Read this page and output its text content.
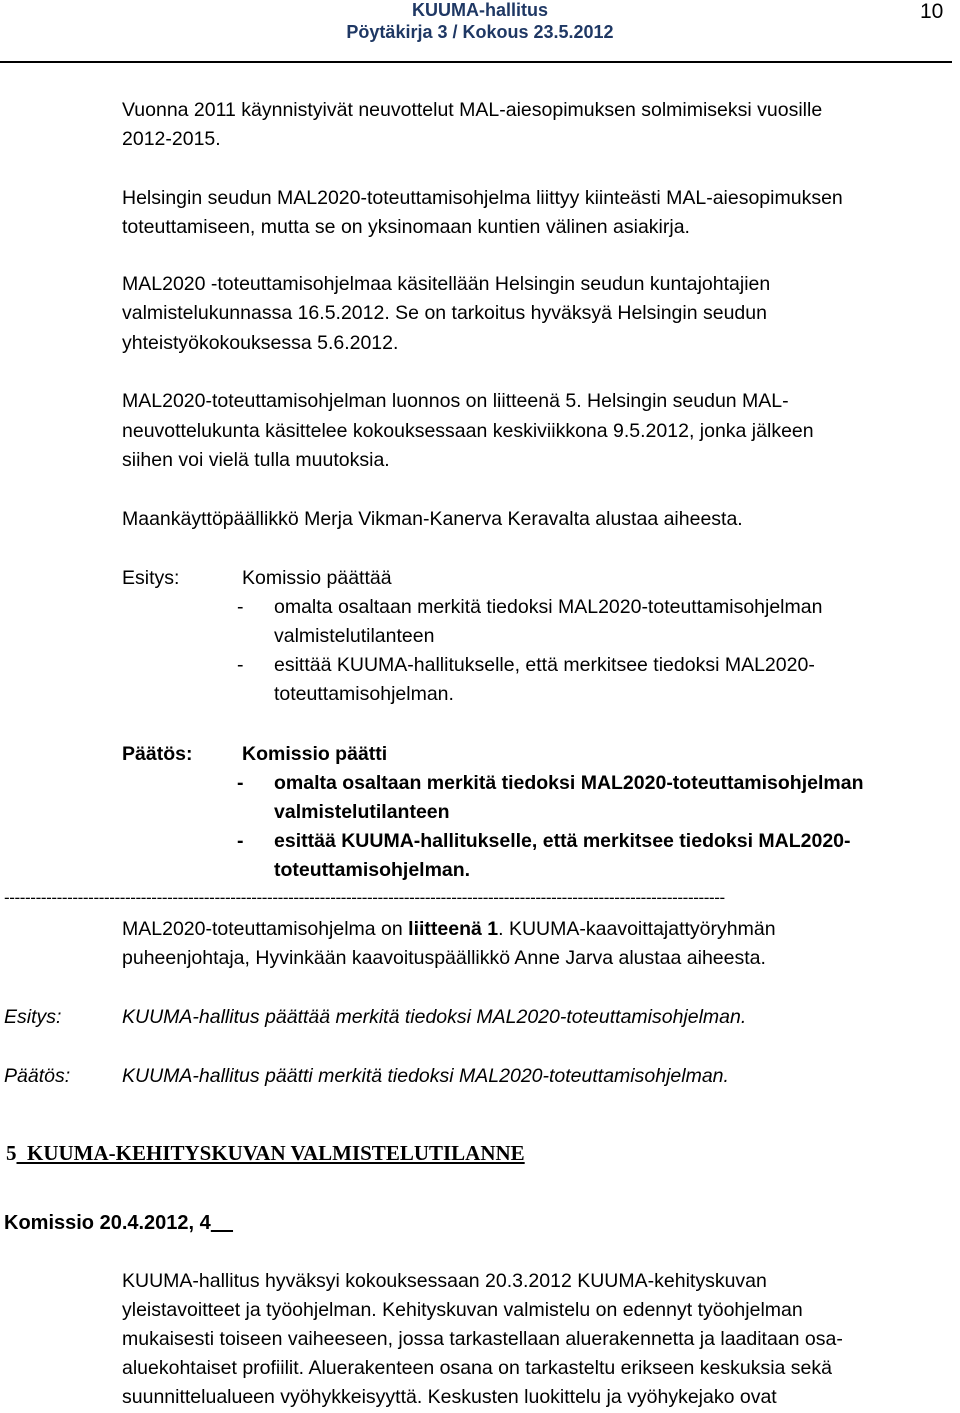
KUUMA-hallitus
Pöytäkirja 3 / Kokous 23.5.2012
10
Vuonna 2011 käynnistyivät neuvottelut MAL-aiesopimuksen solmimiseksi vuosille
2012-2015.
Helsingin seudun MAL2020-toteuttamisohjelma liittyy kiinteästi MAL-aiesopimuksen
toteuttamiseen, mutta se on yksinomaan kuntien välinen asiakirja.
MAL2020 -toteuttamisohjelmaa käsitellään Helsingin seudun kuntajohtajien
valmistelukunnassa 16.5.2012. Se on tarkoitus hyväksyä Helsingin seudun
yhteistyökokouksessa 5.6.2012.
MAL2020-toteuttamisohjelman luonnos on liitteenä 5. Helsingin seudun MAL-
neuvottelukunta käsittelee kokouksessaan keskiviikkona 9.5.2012, jonka jälkeen
siihen voi vielä tulla muutoksia.
Maankäyttöpäällikkö Merja Vikman-Kanerva Keravalta alustaa aiheesta.
Esitys:	Komissio päättää
- omalta osaltaan merkitä tiedoksi MAL2020-toteuttamisohjelman
valmistelutilanteen
- esittää KUUMA-hallitukselle, että merkitsee tiedoksi MAL2020-
toteuttamisohjelman.
Päätös:	Komissio päätti
- omalta osaltaan merkitä tiedoksi MAL2020-toteuttamisohjelman
valmistelutilanteen
- esittää KUUMA-hallitukselle, että merkitsee tiedoksi MAL2020-
toteuttamisohjelman.
-----------------------------------------------------------------------------------------------------------------------------------------
MAL2020-toteuttamisohjelma on liitteenä 1. KUUMA-kaavoittajattyöryhmän
puheenjohtaja, Hyvinkään kaavoituspäällikkö Anne Jarva alustaa aiheesta.
Esitys:	KUUMA-hallitus päättää merkitä tiedoksi MAL2020-toteuttamisohjelman.
Päätös:	KUUMA-hallitus päätti merkitä tiedoksi MAL2020-toteuttamisohjelman.
5 KUUMA-KEHITYSKUVAN VALMISTELUTILANNE
Komissio 20.4.2012, 4
KUUMA-hallitus hyväksyi kokouksessaan 20.3.2012 KUUMA-kehityskuvan
yleistavoitteet ja työohjelman. Kehityskuvan valmistelu on edennyt työohjelman
mukaisesti toiseen vaiheeseen, jossa tarkastellaan aluerakennetta ja laaditaan osa-
aluekohtaiset profiilit. Aluerakenteen osana on tarkasteltu erikseen keskuksia sekä
suunnittelualueen vyöhykkeisyyttä. Keskusten luokittelu ja vyöhykejako ovat
